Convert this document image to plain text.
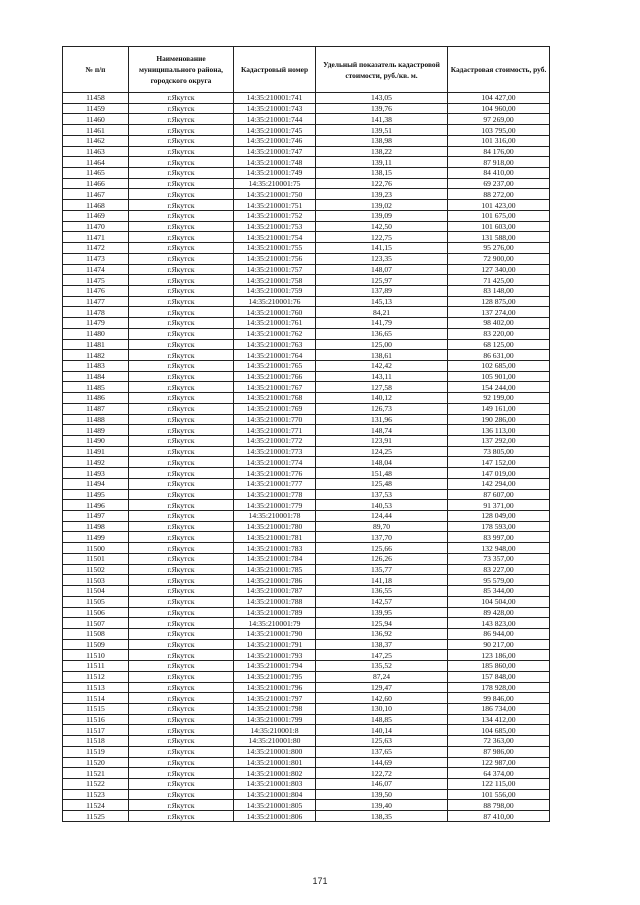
№ п/п	Наименование муниципального района, городского округа	Кадастровый номер	Удельный показатель кадастровой стоимости, руб./кв. м.	Кадастровая стоимость, руб.
11458	г.Якутск	14:35:210001:741	143,05	104 427,00
11459	г.Якутск	14:35:210001:743	139,76	104 960,00
11460	г.Якутск	14:35:210001:744	141,38	97 269,00
11461	г.Якутск	14:35:210001:745	139,51	103 795,00
11462	г.Якутск	14:35:210001:746	138,98	101 316,00
11463	г.Якутск	14:35:210001:747	138,22	84 176,00
11464	г.Якутск	14:35:210001:748	139,11	87 918,00
11465	г.Якутск	14:35:210001:749	138,15	84 410,00
11466	г.Якутск	14:35:210001:75	122,76	69 237,00
11467	г.Якутск	14:35:210001:750	139,23	88 272,00
11468	г.Якутск	14:35:210001:751	139,02	101 423,00
11469	г.Якутск	14:35:210001:752	139,09	101 675,00
11470	г.Якутск	14:35:210001:753	142,50	101 603,00
11471	г.Якутск	14:35:210001:754	122,75	131 588,00
11472	г.Якутск	14:35:210001:755	141,15	95 276,00
11473	г.Якутск	14:35:210001:756	123,35	72 900,00
11474	г.Якутск	14:35:210001:757	148,07	127 340,00
11475	г.Якутск	14:35:210001:758	125,97	71 425,00
11476	г.Якутск	14:35:210001:759	137,89	83 148,00
11477	г.Якутск	14:35:210001:76	145,13	128 875,00
11478	г.Якутск	14:35:210001:760	84,21	137 274,00
11479	г.Якутск	14:35:210001:761	141,79	98 402,00
11480	г.Якутск	14:35:210001:762	136,65	83 220,00
11481	г.Якутск	14:35:210001:763	125,00	68 125,00
11482	г.Якутск	14:35:210001:764	138,61	86 631,00
11483	г.Якутск	14:35:210001:765	142,42	102 685,00
11484	г.Якутск	14:35:210001:766	143,11	105 901,00
11485	г.Якутск	14:35:210001:767	127,58	154 244,00
11486	г.Якутск	14:35:210001:768	140,12	92 199,00
11487	г.Якутск	14:35:210001:769	126,73	149 161,00
11488	г.Якутск	14:35:210001:770	131,96	190 286,00
11489	г.Якутск	14:35:210001:771	148,74	136 113,00
11490	г.Якутск	14:35:210001:772	123,91	137 292,00
11491	г.Якутск	14:35:210001:773	124,25	73 805,00
11492	г.Якутск	14:35:210001:774	148,04	147 152,00
11493	г.Якутск	14:35:210001:776	151,48	147 019,00
11494	г.Якутск	14:35:210001:777	125,48	142 294,00
11495	г.Якутск	14:35:210001:778	137,53	87 607,00
11496	г.Якутск	14:35:210001:779	140,53	91 371,00
11497	г.Якутск	14:35:210001:78	124,44	128 049,00
11498	г.Якутск	14:35:210001:780	89,70	178 593,00
11499	г.Якутск	14:35:210001:781	137,70	83 997,00
11500	г.Якутск	14:35:210001:783	125,66	132 948,00
11501	г.Якутск	14:35:210001:784	126,26	73 357,00
11502	г.Якутск	14:35:210001:785	135,77	83 227,00
11503	г.Якутск	14:35:210001:786	141,18	95 579,00
11504	г.Якутск	14:35:210001:787	136,55	85 344,00
11505	г.Якутск	14:35:210001:788	142,57	104 504,00
11506	г.Якутск	14:35:210001:789	139,95	89 428,00
11507	г.Якутск	14:35:210001:79	125,94	143 823,00
11508	г.Якутск	14:35:210001:790	136,92	86 944,00
11509	г.Якутск	14:35:210001:791	138,37	90 217,00
11510	г.Якутск	14:35:210001:793	147,25	123 186,00
11511	г.Якутск	14:35:210001:794	135,52	185 860,00
11512	г.Якутск	14:35:210001:795	87,24	157 848,00
11513	г.Якутск	14:35:210001:796	129,47	178 928,00
11514	г.Якутск	14:35:210001:797	142,60	99 846,00
11515	г.Якутск	14:35:210001:798	130,10	186 734,00
11516	г.Якутск	14:35:210001:799	148,85	134 412,00
11517	г.Якутск	14:35:210001:8	140,14	104 685,00
11518	г.Якутск	14:35:210001:80	125,63	72 363,00
11519	г.Якутск	14:35:210001:800	137,65	87 986,00
11520	г.Якутск	14:35:210001:801	144,69	122 987,00
11521	г.Якутск	14:35:210001:802	122,72	64 374,00
11522	г.Якутск	14:35:210001:803	146,07	122 115,00
11523	г.Якутск	14:35:210001:804	139,50	101 556,00
11524	г.Якутск	14:35:210001:805	139,40	88 798,00
11525	г.Якутск	14:35:210001:806	138,35	87 410,00
171
